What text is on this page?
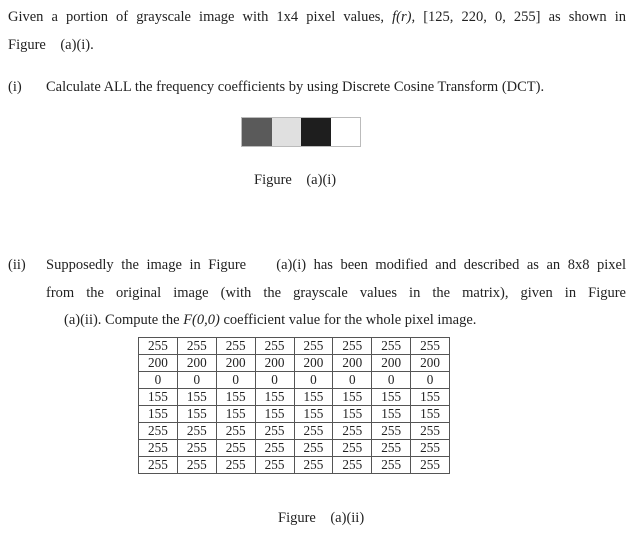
Given a portion of grayscale image with 1x4 pixel values, f(r), [125, 220, 0, 255] as shown in
Figure    (a)(i).
(i) Calculate ALL the frequency coefficients by using Discrete Cosine Transform (DCT).
Figure    (a)(i)
(ii) Supposedly the image in Figure    (a)(i) has been modified and described as an 8x8 pixel
from the original image (with the grayscale values in the matrix), given in Figure
(a)(ii). Compute the F(0,0) coefficient value for the whole pixel image.
255	255	255	255	255	255	255	255
200	200	200	200	200	200	200	200
0	0	0	0	0	0	0	0
155	155	155	155	155	155	155	155
155	155	155	155	155	155	155	155
255	255	255	255	255	255	255	255
255	255	255	255	255	255	255	255
255	255	255	255	255	255	255	255
Figure    (a)(ii)
